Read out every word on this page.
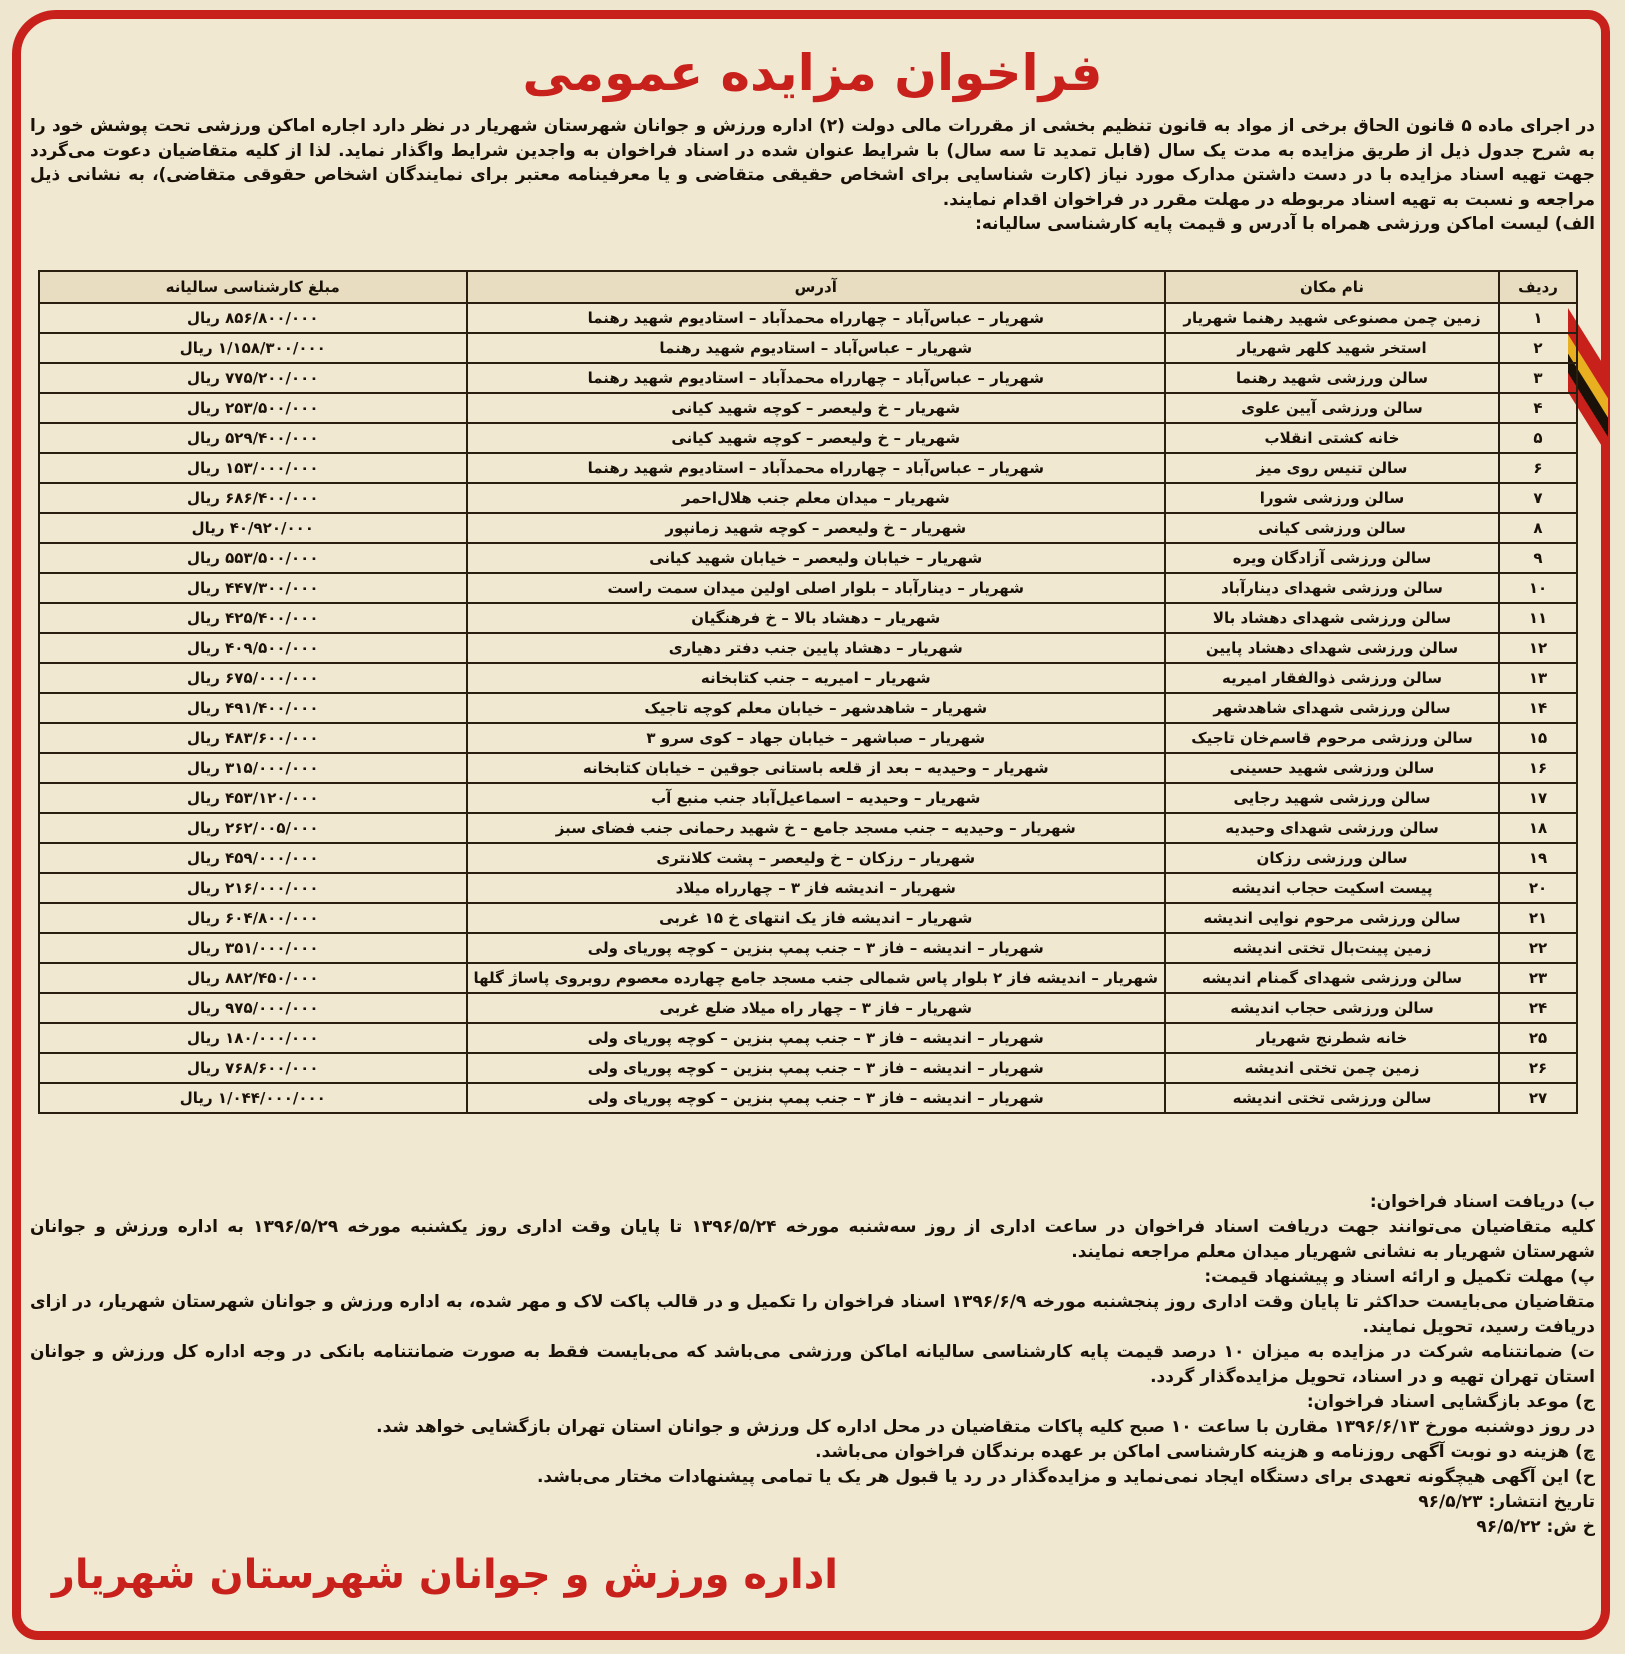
فراخوان مزایده عمومی

در اجرای ماده ۵ قانون الحاق برخی از مواد به قانون تنظیم بخشی از مقررات مالی دولت (۲) اداره ورزش و جوانان شهرستان شهریار در نظر دارد اجاره اماکن ورزشی تحت پوشش خود را به شرح جدول ذیل از طریق مزایده به مدت یک سال (قابل تمدید تا سه سال) با شرایط عنوان شده در اسناد فراخوان به واجدین شرایط واگذار نماید. لذا از کلیه متقاضیان دعوت می‌گردد جهت تهیه اسناد مزایده با در دست داشتن مدارک مورد نیاز (کارت شناسایی برای اشخاص حقیقی متقاضی و یا معرفینامه معتبر برای نمایندگان اشخاص حقوقی متقاضی)، به نشانی ذیل مراجعه و نسبت به تهیه اسناد مربوطه در مهلت مقرر در فراخوان اقدام نمایند.

الف) لیست اماکن ورزشی همراه با آدرس و قیمت پایه کارشناسی سالیانه:

ردیف	نام مکان	آدرس	مبلغ کارشناسی سالیانه
۱	زمین چمن مصنوعی شهید رهنما شهریار	شهریار – عباس‌آباد – چهارراه محمدآباد – استادیوم شهید رهنما	۸۵۶/۸۰۰/۰۰۰ ریال
۲	استخر شهید کلهر شهریار	شهریار – عباس‌آباد – استادیوم شهید رهنما	۱/۱۵۸/۳۰۰/۰۰۰ ریال
۳	سالن ورزشی شهید رهنما	شهریار – عباس‌آباد – چهارراه محمدآباد – استادیوم شهید رهنما	۷۷۵/۲۰۰/۰۰۰ ریال
۴	سالن ورزشی آیین علوی	شهریار – خ ولیعصر – کوچه شهید کیانی	۲۵۳/۵۰۰/۰۰۰ ریال
۵	خانه کشتی انقلاب	شهریار – خ ولیعصر – کوچه شهید کیانی	۵۲۹/۴۰۰/۰۰۰ ریال
۶	سالن تنیس روی میز	شهریار – عباس‌آباد – چهارراه محمدآباد – استادیوم شهید رهنما	۱۵۳/۰۰۰/۰۰۰ ریال
۷	سالن ورزشی شورا	شهریار – میدان معلم جنب هلال‌احمر	۶۸۶/۴۰۰/۰۰۰ ریال
۸	سالن ورزشی کیانی	شهریار – خ ولیعصر – کوچه شهید زمانپور	۴۰/۹۲۰/۰۰۰ ریال
۹	سالن ورزشی آزادگان ویره	شهریار – خیابان ولیعصر – خیابان شهید کیانی	۵۵۳/۵۰۰/۰۰۰ ریال
۱۰	سالن ورزشی شهدای دینارآباد	شهریار – دینارآباد – بلوار اصلی اولین میدان سمت راست	۴۴۷/۳۰۰/۰۰۰ ریال
۱۱	سالن ورزشی شهدای دهشاد بالا	شهریار – دهشاد بالا – خ فرهنگیان	۴۲۵/۴۰۰/۰۰۰ ریال
۱۲	سالن ورزشی شهدای دهشاد پایین	شهریار – دهشاد پایین جنب دفتر دهیاری	۴۰۹/۵۰۰/۰۰۰ ریال
۱۳	سالن ورزشی ذوالفقار امیریه	شهریار – امیریه – جنب کتابخانه	۶۷۵/۰۰۰/۰۰۰ ریال
۱۴	سالن ورزشی شهدای شاهدشهر	شهریار – شاهدشهر – خیابان معلم کوچه تاجیک	۴۹۱/۴۰۰/۰۰۰ ریال
۱۵	سالن ورزشی مرحوم قاسم‌خان تاجیک	شهریار – صباشهر – خیابان جهاد – کوی سرو ۳	۴۸۳/۶۰۰/۰۰۰ ریال
۱۶	سالن ورزشی شهید حسینی	شهریار – وحیدیه – بعد از قلعه باستانی جوقین – خیابان کتابخانه	۳۱۵/۰۰۰/۰۰۰ ریال
۱۷	سالن ورزشی شهید رجایی	شهریار – وحیدیه – اسماعیل‌آباد جنب منبع آب	۴۵۳/۱۲۰/۰۰۰ ریال
۱۸	سالن ورزشی شهدای وحیدیه	شهریار – وحیدیه – جنب مسجد جامع – خ شهید رحمانی جنب فضای سبز	۲۶۲/۰۰۵/۰۰۰ ریال
۱۹	سالن ورزشی رزکان	شهریار – رزکان – خ ولیعصر – پشت کلانتری	۴۵۹/۰۰۰/۰۰۰ ریال
۲۰	پیست اسکیت حجاب اندیشه	شهریار – اندیشه فاز ۳ – چهارراه میلاد	۲۱۶/۰۰۰/۰۰۰ ریال
۲۱	سالن ورزشی مرحوم نوایی اندیشه	شهریار – اندیشه فاز یک انتهای خ ۱۵ غربی	۶۰۴/۸۰۰/۰۰۰ ریال
۲۲	زمین پینت‌بال تختی اندیشه	شهریار – اندیشه – فاز ۳ – جنب پمپ بنزین – کوچه پوریای ولی	۳۵۱/۰۰۰/۰۰۰ ریال
۲۳	سالن ورزشی شهدای گمنام اندیشه	شهریار – اندیشه فاز ۲ بلوار پاس شمالی جنب مسجد جامع چهارده معصوم روبروی پاساژ گلها	۸۸۲/۴۵۰/۰۰۰ ریال
۲۴	سالن ورزشی حجاب اندیشه	شهریار – فاز ۳ – چهار راه میلاد ضلع غربی	۹۷۵/۰۰۰/۰۰۰ ریال
۲۵	خانه شطرنج شهریار	شهریار – اندیشه – فاز ۳ – جنب پمپ بنزین – کوچه پوریای ولی	۱۸۰/۰۰۰/۰۰۰ ریال
۲۶	زمین چمن تختی اندیشه	شهریار – اندیشه – فاز ۳ – جنب پمپ بنزین – کوچه پوریای ولی	۷۶۸/۶۰۰/۰۰۰ ریال
۲۷	سالن ورزشی تختی اندیشه	شهریار – اندیشه – فاز ۳ – جنب پمپ بنزین – کوچه پوریای ولی	۱/۰۴۴/۰۰۰/۰۰۰ ریال

ب) دریافت اسناد فراخوان:

کلیه متقاضیان می‌توانند جهت دریافت اسناد فراخوان در ساعت اداری از روز سه‌شنبه مورخه ۱۳۹۶/۵/۲۴ تا پایان وقت اداری روز یکشنبه مورخه ۱۳۹۶/۵/۲۹ به اداره ورزش و جوانان شهرستان شهریار به نشانی شهریار میدان معلم مراجعه نمایند.

پ) مهلت تکمیل و ارائه اسناد و پیشنهاد قیمت:

متقاضیان می‌بایست حداکثر تا پایان وقت اداری روز پنجشنبه مورخه ۱۳۹۶/۶/۹ اسناد فراخوان را تکمیل و در قالب پاکت لاک و مهر شده، به اداره ورزش و جوانان شهرستان شهریار، در ازای دریافت رسید، تحویل نمایند.

ت) ضمانتنامه شرکت در مزایده به میزان ۱۰ درصد قیمت پایه کارشناسی سالیانه اماکن ورزشی می‌باشد که می‌بایست فقط به صورت ضمانتنامه بانکی در وجه اداره کل ورزش و جوانان استان تهران تهیه و در اسناد، تحویل مزایده‌گذار گردد.

ج) موعد بازگشایی اسناد فراخوان:

در روز دوشنبه مورخ ۱۳۹۶/۶/۱۳ مقارن با ساعت ۱۰ صبح کلیه پاکات متقاضیان در محل اداره کل ورزش و جوانان استان تهران بازگشایی خواهد شد.

چ) هزینه دو نوبت آگهی روزنامه و هزینه کارشناسی اماکن بر عهده برندگان فراخوان می‌باشد.

ح) این آگهی هیچگونه تعهدی برای دستگاه ایجاد نمی‌نماید و مزایده‌گذار در رد یا قبول هر یک یا تمامی پیشنهادات مختار می‌باشد.

تاریخ انتشار: ۹۶/۵/۲۳

خ ش: ۹۶/۵/۲۲

اداره ورزش و جوانان شهرستان شهریار
